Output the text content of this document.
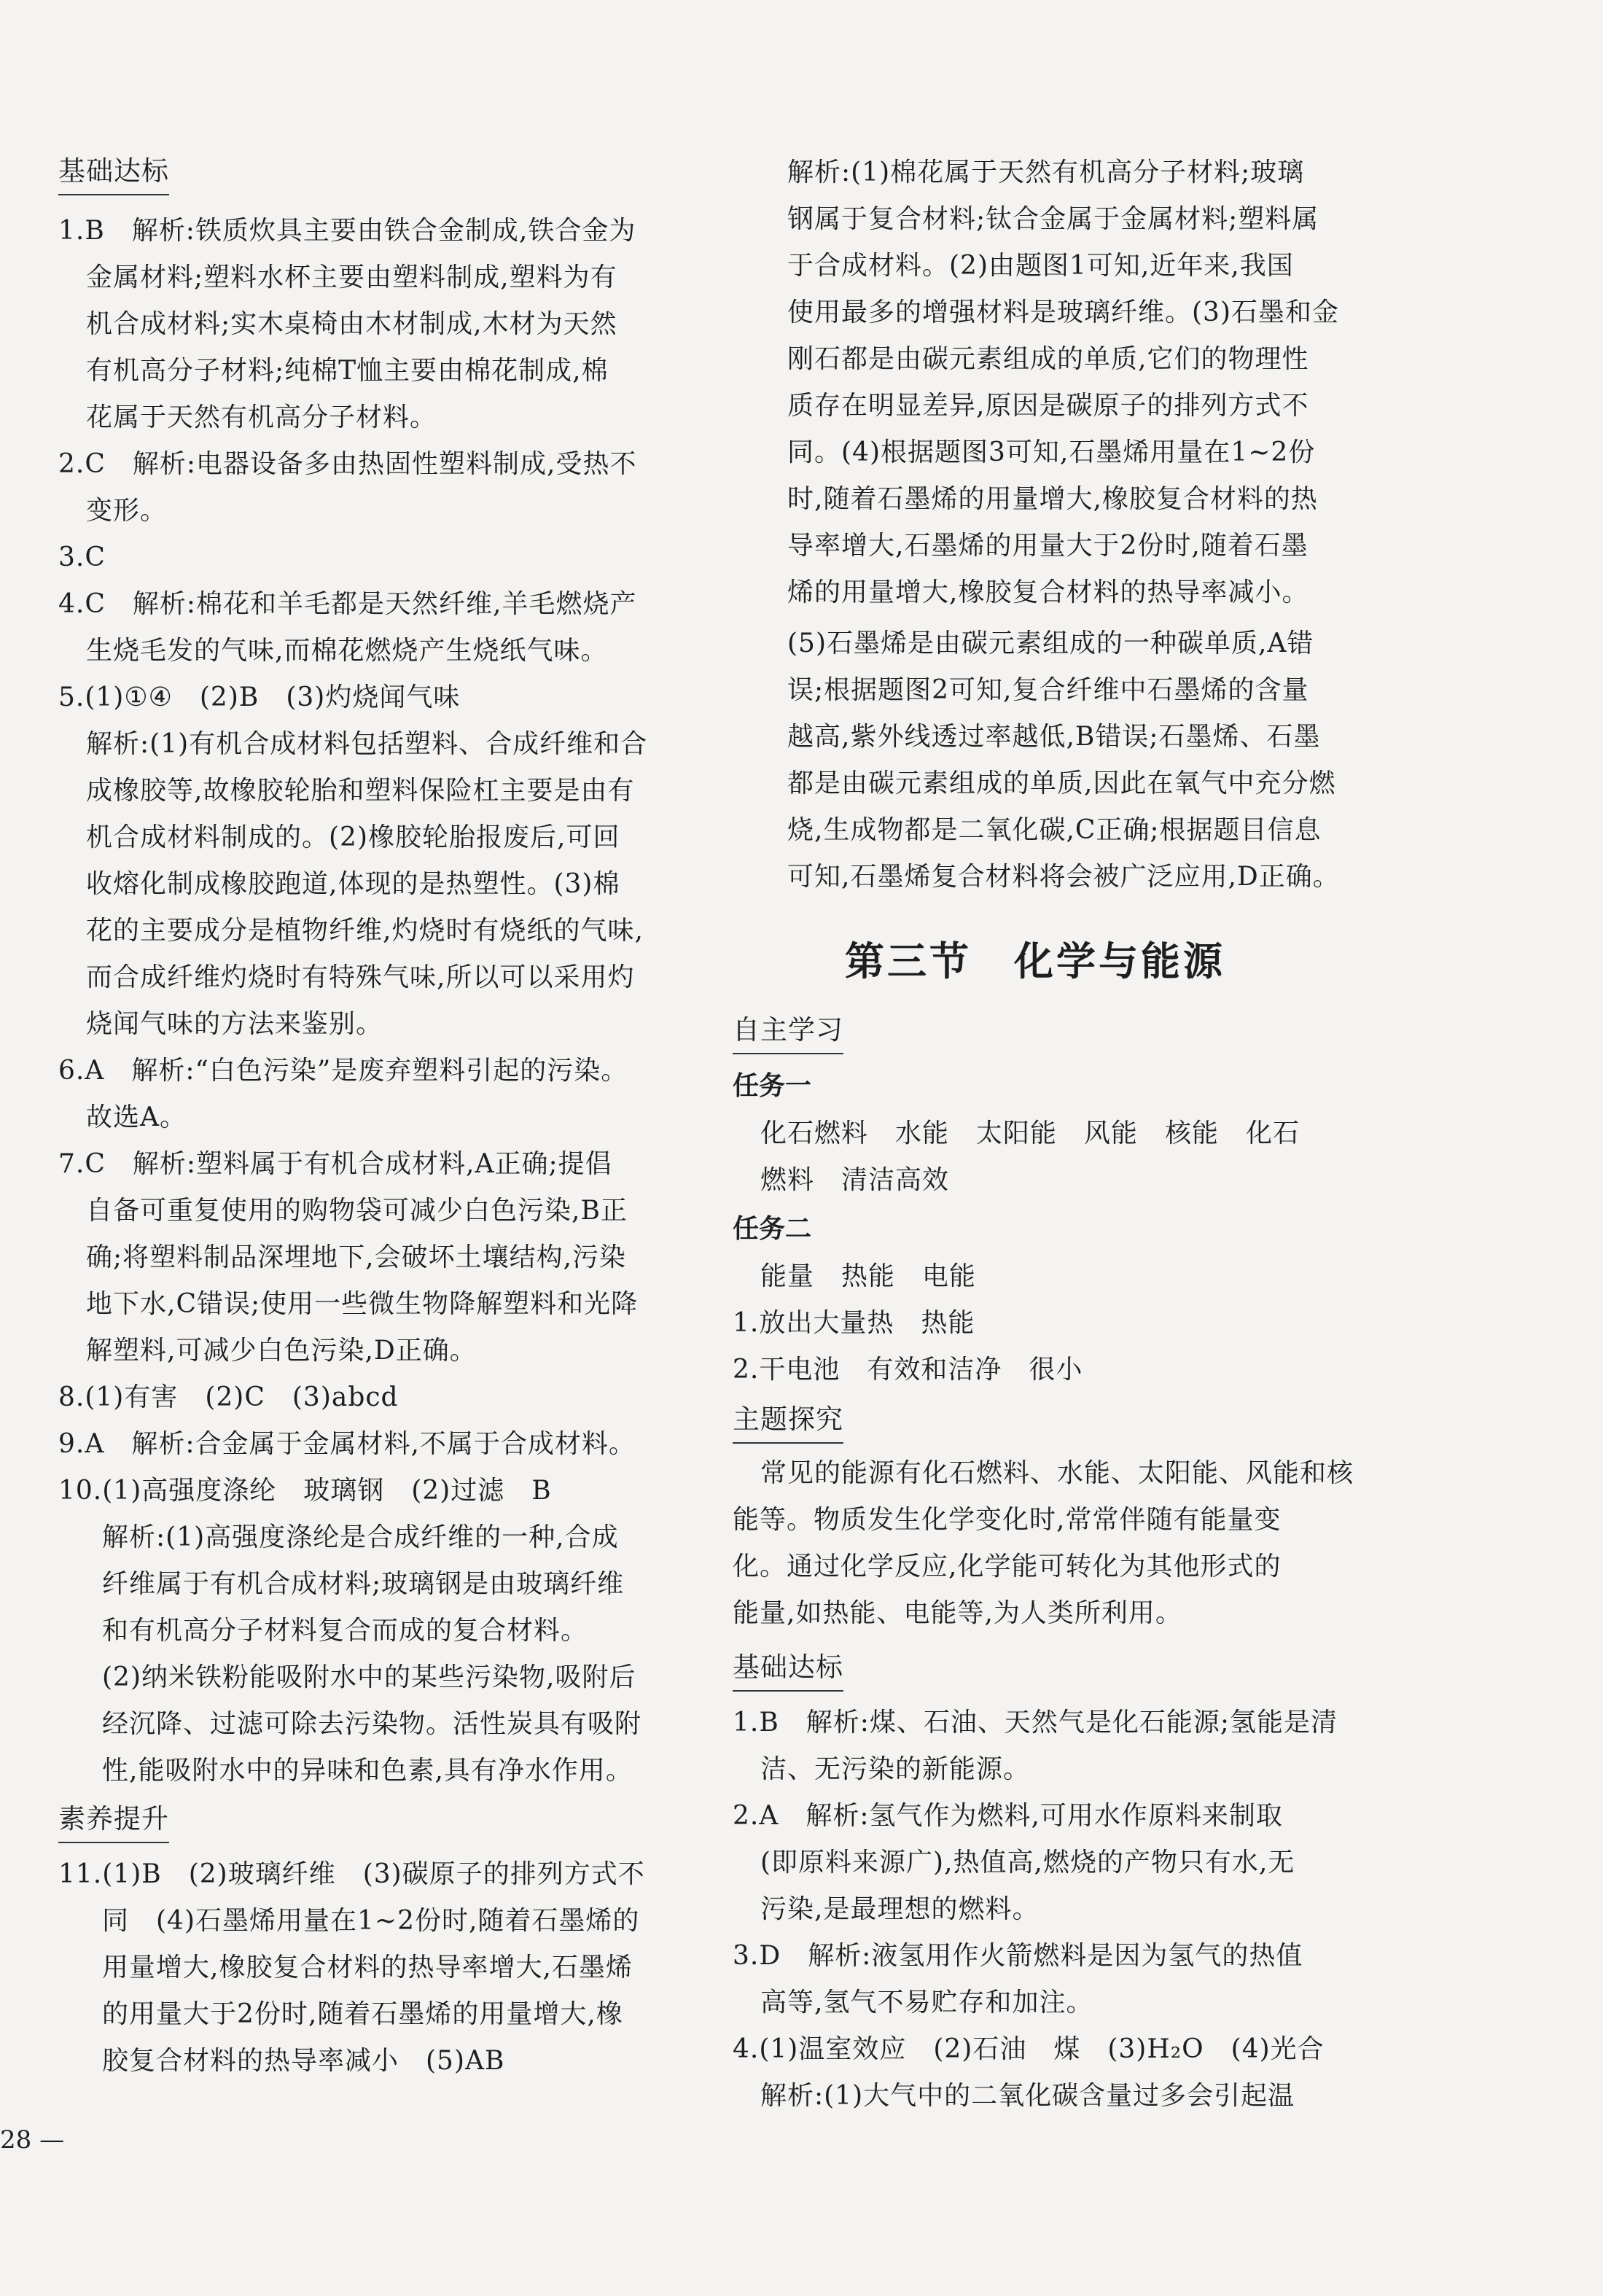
基础达标
1.B　解析:铁质炊具主要由铁合金制成,铁合金为
金属材料;塑料水杯主要由塑料制成,塑料为有
机合成材料;实木桌椅由木材制成,木材为天然
有机高分子材料;纯棉T恤主要由棉花制成,棉
花属于天然有机高分子材料。
2.C　解析:电器设备多由热固性塑料制成,受热不
变形。
3.C
4.C　解析:棉花和羊毛都是天然纤维,羊毛燃烧产
生烧毛发的气味,而棉花燃烧产生烧纸气味。
5.(1)①④　(2)B　(3)灼烧闻气味
解析:(1)有机合成材料包括塑料、合成纤维和合
成橡胶等,故橡胶轮胎和塑料保险杠主要是由有
机合成材料制成的。(2)橡胶轮胎报废后,可回
收熔化制成橡胶跑道,体现的是热塑性。(3)棉
花的主要成分是植物纤维,灼烧时有烧纸的气味,
而合成纤维灼烧时有特殊气味,所以可以采用灼
烧闻气味的方法来鉴别。
6.A　解析:“白色污染”是废弃塑料引起的污染。
故选A。
7.C　解析:塑料属于有机合成材料,A正确;提倡
自备可重复使用的购物袋可减少白色污染,B正
确;将塑料制品深埋地下,会破坏土壤结构,污染
地下水,C错误;使用一些微生物降解塑料和光降
解塑料,可减少白色污染,D正确。
8.(1)有害　(2)C　(3)abcd
9.A　解析:合金属于金属材料,不属于合成材料。
10.(1)高强度涤纶　玻璃钢　(2)过滤　B
解析:(1)高强度涤纶是合成纤维的一种,合成
纤维属于有机合成材料;玻璃钢是由玻璃纤维
和有机高分子材料复合而成的复合材料。
(2)纳米铁粉能吸附水中的某些污染物,吸附后
经沉降、过滤可除去污染物。活性炭具有吸附
性,能吸附水中的异味和色素,具有净水作用。
素养提升
11.(1)B　(2)玻璃纤维　(3)碳原子的排列方式不
同　(4)石墨烯用量在1~2份时,随着石墨烯的
用量增大,橡胶复合材料的热导率增大,石墨烯
的用量大于2份时,随着石墨烯的用量增大,橡
胶复合材料的热导率减小　(5)AB
28 —
解析:(1)棉花属于天然有机高分子材料;玻璃
钢属于复合材料;钛合金属于金属材料;塑料属
于合成材料。(2)由题图1可知,近年来,我国
使用最多的增强材料是玻璃纤维。(3)石墨和金
刚石都是由碳元素组成的单质,它们的物理性
质存在明显差异,原因是碳原子的排列方式不
同。(4)根据题图3可知,石墨烯用量在1~2份
时,随着石墨烯的用量增大,橡胶复合材料的热
导率增大,石墨烯的用量大于2份时,随着石墨
烯的用量增大,橡胶复合材料的热导率减小。
(5)石墨烯是由碳元素组成的一种碳单质,A错
误;根据题图2可知,复合纤维中石墨烯的含量
越高,紫外线透过率越低,B错误;石墨烯、石墨
都是由碳元素组成的单质,因此在氧气中充分燃
烧,生成物都是二氧化碳,C正确;根据题目信息
可知,石墨烯复合材料将会被广泛应用,D正确。
第三节　化学与能源
自主学习
任务一
化石燃料　水能　太阳能　风能　核能　化石
燃料　清洁高效
任务二
能量　热能　电能
1.放出大量热　热能
2.干电池　有效和洁净　很小
主题探究
常见的能源有化石燃料、水能、太阳能、风能和核
能等。物质发生化学变化时,常常伴随有能量变
化。通过化学反应,化学能可转化为其他形式的
能量,如热能、电能等,为人类所利用。
基础达标
1.B　解析:煤、石油、天然气是化石能源;氢能是清
洁、无污染的新能源。
2.A　解析:氢气作为燃料,可用水作原料来制取
(即原料来源广),热值高,燃烧的产物只有水,无
污染,是最理想的燃料。
3.D　解析:液氢用作火箭燃料是因为氢气的热值
高等,氢气不易贮存和加注。
4.(1)温室效应　(2)石油　煤　(3)H₂O　(4)光合
解析:(1)大气中的二氧化碳含量过多会引起温
